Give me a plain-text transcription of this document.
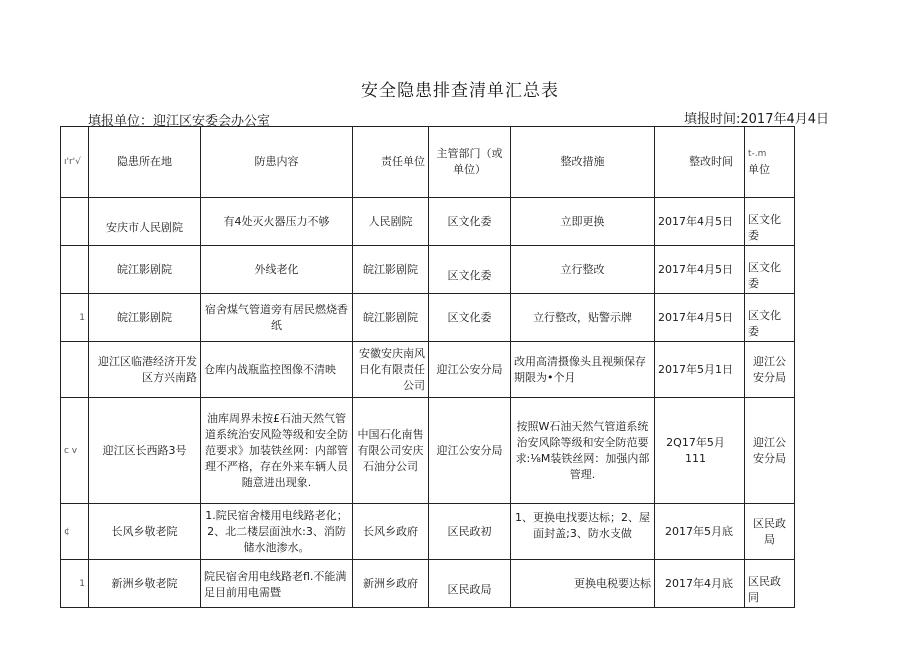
安全隐患排查清单汇总表
填报单位：迎江区安委会办公室	填报时间:2017年4月4日
ı'r'√	隐患所在地	防患内容	责任单位	主管部门（或单位）	整改措施	整改时间		t-.m
单位

	安庆市人民剧院	有4处灭火器压力不够	人民剧院	区文化委	立即更换	2017年4月5日		区文化委
	皖江影剧院	外线老化	皖江影剧院	区文化委	立行整改	2017年4月5日		区文化委
1	皖江影剧院	宿舍煤气管道旁有居民燃烧香纸	皖江影剧院	区文化委	立行整改，贴警示牌	2017年4月5日		区文化委
	迎江区临港经济开发区方兴南路	仓库内战瓶监控图像不清映	安徽安庆南风日化有限责任公司	迎江公安分局	改用高清摄像头且视频保存期限为•个月	2017年5月1日		迎江公安分局
c v	迎江区长西路3号	油库周界未按£石油天然气管道系统治安风险等级和安全防范要求》加装铁丝网：内部管理不严格，存在外来车辆人员随意进出现象.	中国石化南售有限公司安庆石油分公司	迎江公安分局	按照W石油天然气管道系统治安风除等级和安全防范要求:⅛M装铁丝网：加强内部管理.	2Q17年5月111		迎江公安分局
¢	长风乡敬老院	1.院民宿舍楼用电线路老化；2、北二楼层面浊水:3、消防储水池渗水。	长风乡政府	区民政初	1、更换电找要达标；2、屋面封盖;3、防水支做	2017年5月底		区民政局
1	新洲乡敬老院	院民宿舍用电线路老fl.不能满足目前用电需暨	新洲乡政府	区民政局	更换电税要达标	2017年4月底		区民政同
